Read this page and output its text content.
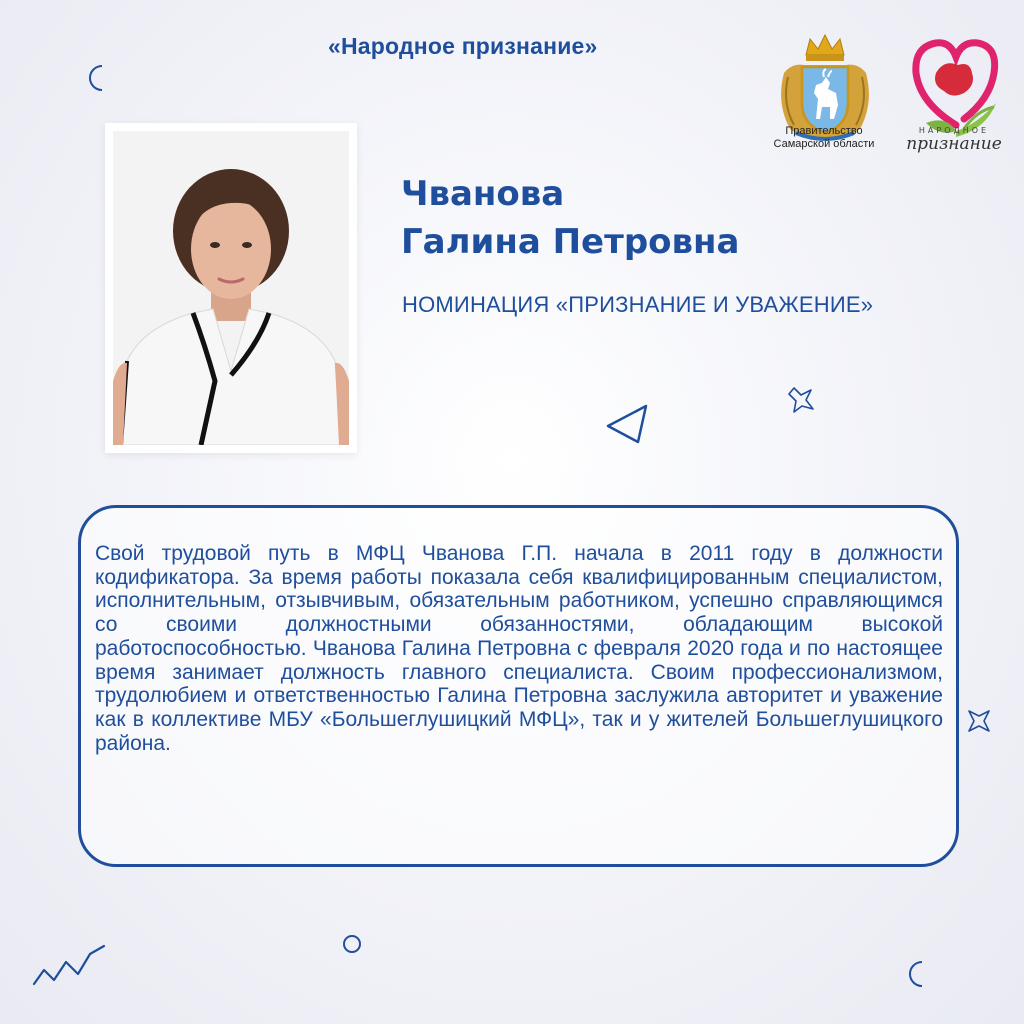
«Народное признание»
Чванова
Галина Петровна
НОМИНАЦИЯ «ПРИЗНАНИЕ И УВАЖЕНИЕ»
Правительство
Самарской области
НАРОДНОЕ
признание
Свой трудовой путь в МФЦ Чванова Г.П. начала в 2011 году в должности кодификатора. За время работы показала себя квалифицированным специалистом, исполнительным, отзывчивым, обязательным работником, успешно справляющимся со своими должностными обязанностями, обладающим высокой работоспособностью. Чванова Галина Петровна с февраля 2020 года и по настоящее время занимает должность главного специалиста. Своим профессионализмом, трудолюбием и ответственностью Галина Петровна заслужила авторитет и уважение как в коллективе МБУ «Большеглушицкий МФЦ», так и у жителей Большеглушицкого района.
